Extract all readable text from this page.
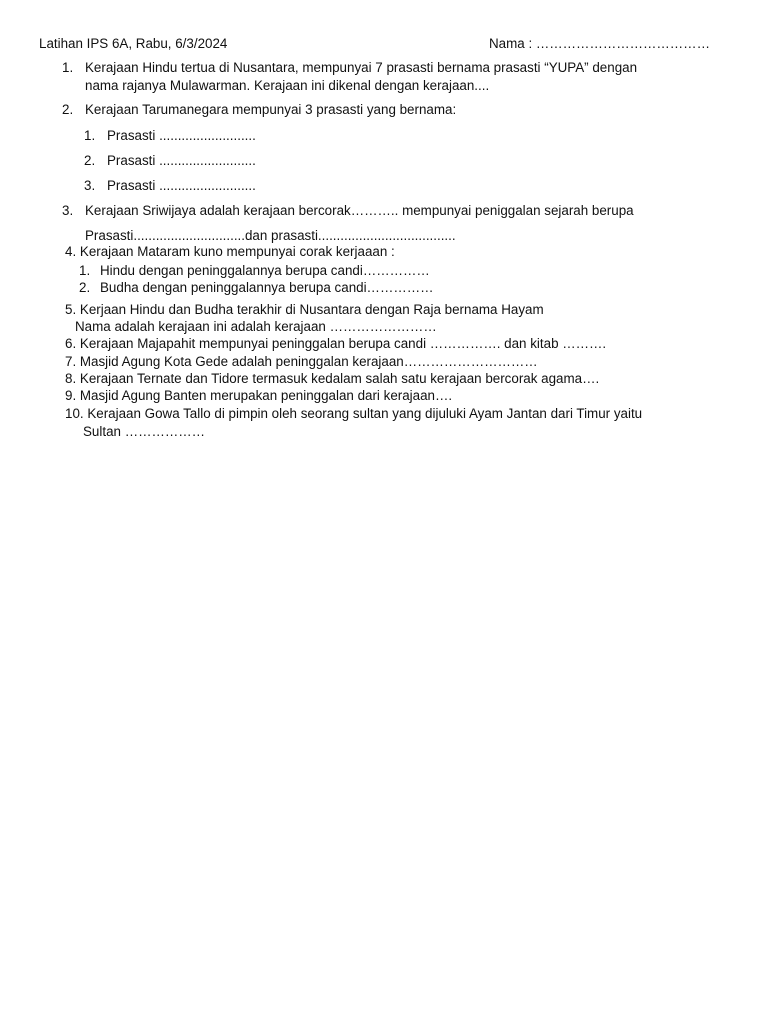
Latihan IPS 6A, Rabu, 6/3/2024	Nama : …………………………………
1. Kerajaan Hindu tertua di Nusantara, mempunyai 7 prasasti bernama prasasti “YUPA” dengan
nama rajanya Mulawarman. Kerajaan ini dikenal dengan kerajaan....
2. Kerajaan Tarumanegara mempunyai 3 prasasti yang bernama:
1. Prasasti ..........................
2. Prasasti ..........................
3. Prasasti ..........................
3. Kerajaan Sriwijaya adalah kerajaan bercorak……….. mempunyai peniggalan sejarah berupa
Prasasti..............................dan prasasti.....................................
4. Kerajaan Mataram kuno mempunyai corak kerjaaan :
1. Hindu dengan peninggalannya berupa candi……………
2. Budha dengan peninggalannya berupa candi……………
5. Kerjaan Hindu dan Budha terakhir di Nusantara dengan Raja bernama Hayam
Nama adalah kerajaan ini adalah kerajaan ……………………
6. Kerajaan Majapahit mempunyai peninggalan berupa candi ……………. dan kitab ……….
7. Masjid Agung Kota Gede adalah peninggalan kerajaan…………………………
8. Kerajaan Ternate dan Tidore termasuk kedalam salah satu kerajaan bercorak agama….
9. Masjid Agung Banten merupakan peninggalan dari kerajaan….
10. Kerajaan Gowa Tallo di pimpin oleh seorang sultan yang dijuluki Ayam Jantan dari Timur yaitu
Sultan ………………
